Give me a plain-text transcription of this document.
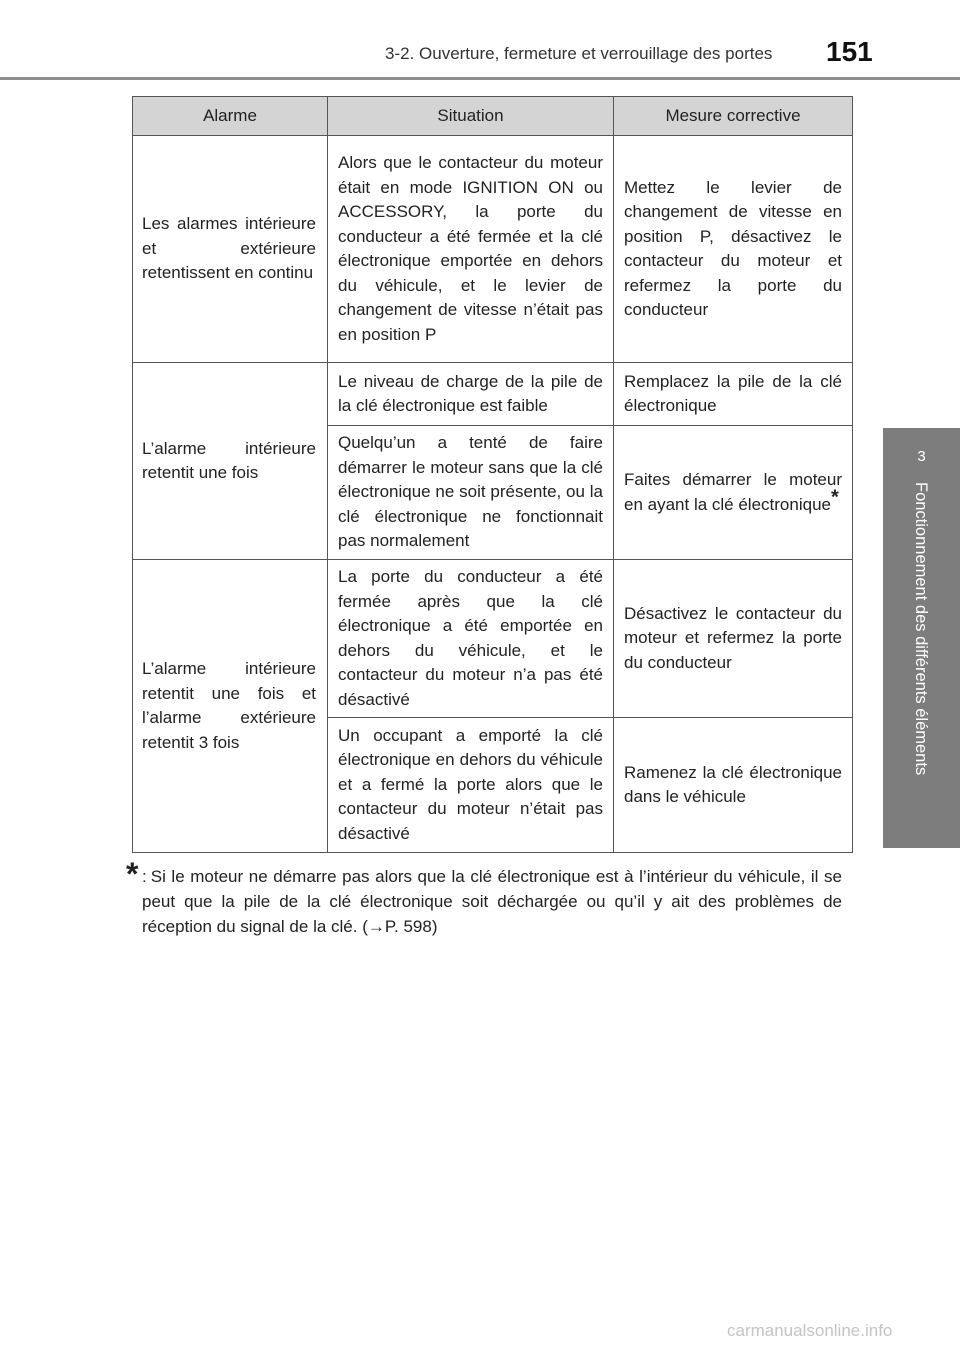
3-2. Ouverture, fermeture et verrouillage des portes 151
3
Fonctionnement des différents éléments
Alarme	Situation	Mesure corrective
Les alarmes intérieure et extérieure retentissent en continu	Alors que le contacteur du moteur était en mode IGNITION ON ou ACCESSORY, la porte du conducteur a été fermée et la clé électronique emportée en dehors du véhicule, et le levier de changement de vitesse n’était pas en position P	Mettez le levier de changement de vitesse en position P, désactivez le contacteur du moteur et refermez la porte du conducteur
L’alarme intérieure retentit une fois	Le niveau de charge de la pile de la clé électronique est faible	Remplacez la pile de la clé électronique
	Quelqu’un a tenté de faire démarrer le moteur sans que la clé électronique ne soit présente, ou la clé électronique ne fonctionnait pas normalement	Faites démarrer le moteur en ayant la clé électronique*
L’alarme intérieure retentit une fois et l’alarme extérieure retentit 3 fois	La porte du conducteur a été fermée après que la clé électronique a été emportée en dehors du véhicule, et le contacteur du moteur n’a pas été désactivé	Désactivez le contacteur du moteur et refermez la porte du conducteur
	Un occupant a emporté la clé électronique en dehors du véhicule et a fermé la porte alors que le contacteur du moteur n’était pas désactivé	Ramenez la clé électronique dans le véhicule
* : Si le moteur ne démarre pas alors que la clé électronique est à l’intérieur du véhicule, il se peut que la pile de la clé électronique soit déchargée ou qu’il y ait des problèmes de réception du signal de la clé. (→P. 598)
carmanualsonline.info
